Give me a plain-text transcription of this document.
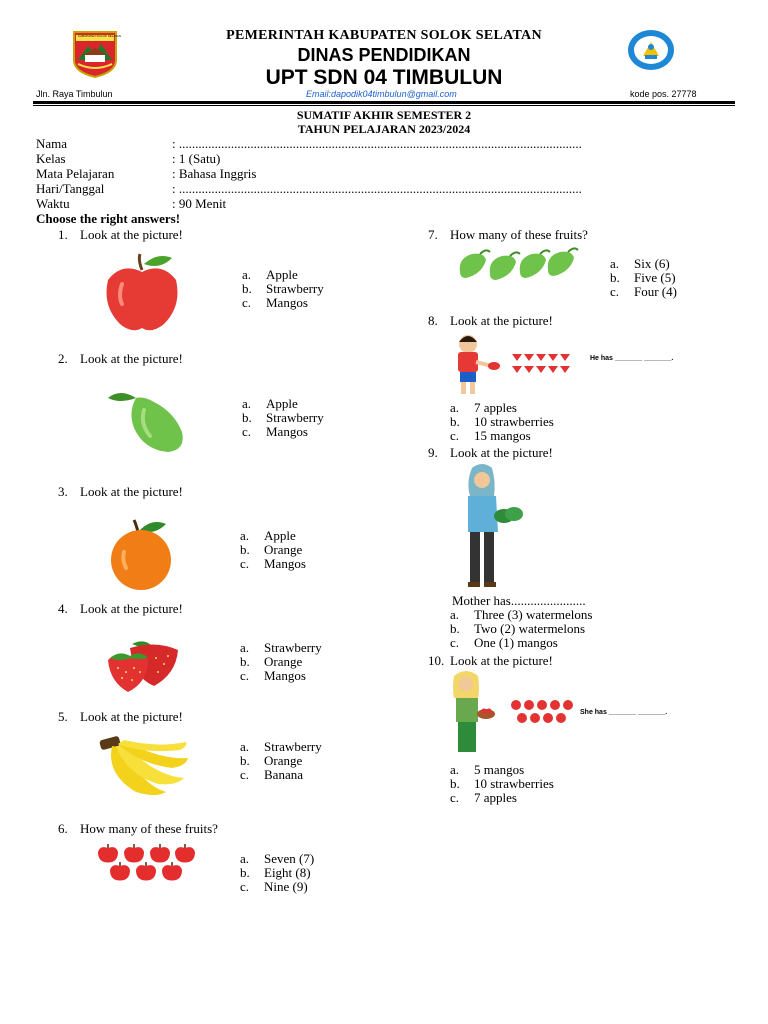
KABUPATEN SOLOK SELATAN	PEMERINTAH KABUPATEN SOLOK SELATAN
DINAS PENDIDIKAN
UPT SDN 04 TIMBULUN
Jln. Raya Timbulun	Email:dapodik04timbulun@gmail.com	kode pos. 27778
SUMATIF AKHIR SEMESTER 2
TAHUN PELAJARAN 2023/2024
Nama	: ............................................................................................................................
Kelas	: 1 (Satu)
Mata Pelajaran	: Bahasa Inggris
Hari/Tanggal	: ............................................................................................................................
Waktu	: 90 Menit
Choose the right answers!
1. Look at the picture!
a. Apple
b. Strawberry
c. Mangos
2. Look at the picture!
a. Apple
b. Strawberry
c. Mangos
3. Look at the picture!
a. Apple
b. Orange
c. Mangos
4. Look at the picture!
a. Strawberry
b. Orange
c. Mangos
5. Look at the picture!
a. Strawberry
b. Orange
c. Banana
6. How many of these fruits?
a. Seven (7)
b. Eight (8)
c. Nine (9)
7. How many of these fruits?
a. Six (6)
b. Five (5)
c. Four (4)
8. Look at the picture!
He has _______ _______.
a. 7 apples
b. 10 strawberries
c. 15 mangos
9. Look at the picture!
Mother has.......................
a. Three (3) watermelons
b. Two (2) watermelons
c. One (1) mangos
10. Look at the picture!
She has _______ _______.
a. 5 mangos
b. 10 strawberries
c. 7 apples
